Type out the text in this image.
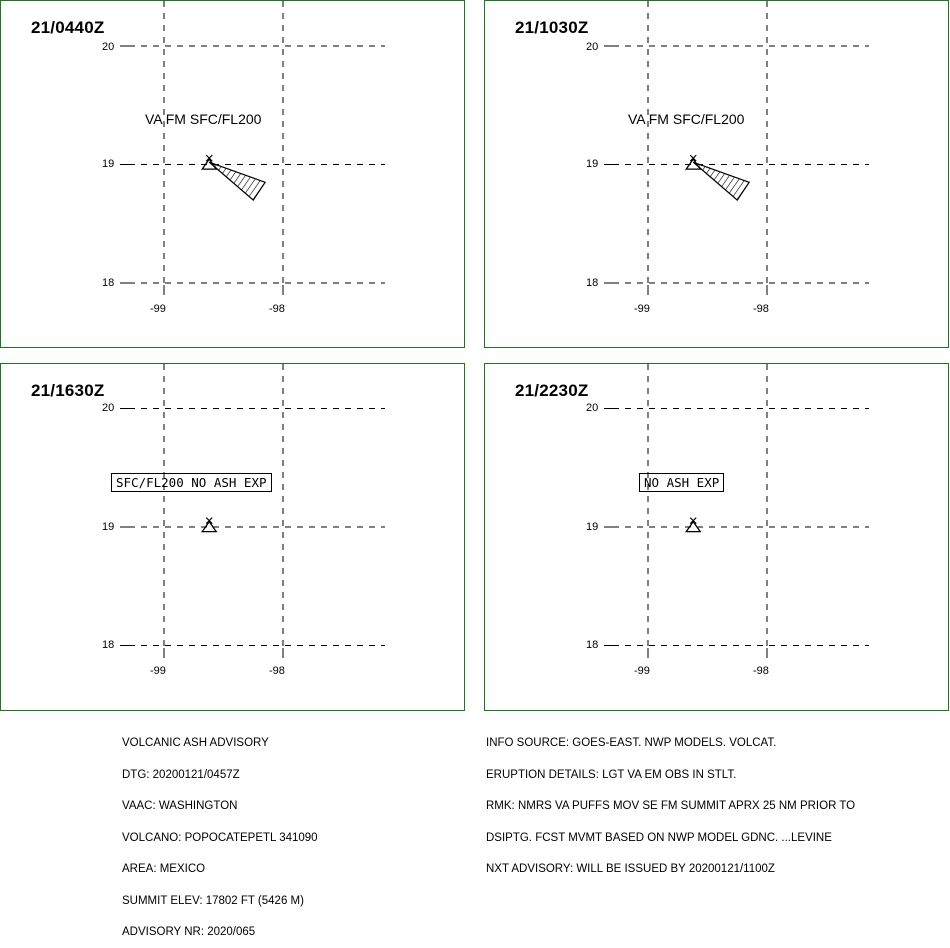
21/0440Z
20
19
18
-99	-98
VA FM SFC/FL200
21/1030Z
20
19
18
-99	-98
VA FM SFC/FL200
21/1630Z
20
19
18
-99	-98
SFC/FL200 NO ASH EXP
21/2230Z
20
19
18
-99	-98
NO ASH EXP

VOLCANIC ASH ADVISORY

DTG: 20200121/0457Z

VAAC: WASHINGTON

VOLCANO: POPOCATEPETL 341090

AREA: MEXICO

SUMMIT ELEV: 17802 FT (5426 M)

ADVISORY NR: 2020/065

INFO SOURCE: GOES-EAST. NWP MODELS. VOLCAT.

ERUPTION DETAILS: LGT VA EM OBS IN STLT.

RMK: NMRS VA PUFFS MOV SE FM SUMMIT APRX 25 NM PRIOR TO

DSIPTG. FCST MVMT BASED ON NWP MODEL GDNC. ...LEVINE

NXT ADVISORY: WILL BE ISSUED BY 20200121/1100Z
